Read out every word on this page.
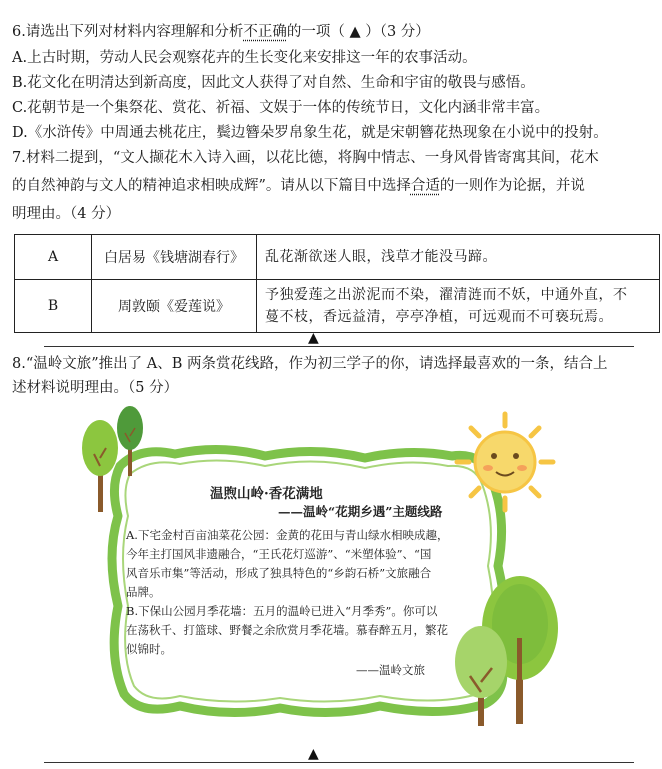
6.请选出下列对材料内容理解和分析不正确的一项（ ▲ ）（3 分）
A.上古时期，劳动人民会观察花卉的生长变化来安排这一年的农事活动。
B.花文化在明清达到新高度，因此文人获得了对自然、生命和宇宙的敬畏与感悟。
C.花朝节是一个集祭花、赏花、祈福、文娱于一体的传统节日，文化内涵非常丰富。
D.《水浒传》中周通去桃花庄，鬓边簪朵罗帛象生花，就是宋朝簪花热现象在小说中的投射。
7.材料二提到，“文人撷花木入诗入画，以花比德，将胸中情志、一身风骨皆寄寓其间，花木
的自然神韵与文人的精神追求相映成辉”。请从以下篇目中选择合适的一则作为论据，并说
明理由。（4 分）
A	白居易《钱塘湖春行》	乱花渐欲迷人眼，浅草才能没马蹄。
B	周敦颐《爱莲说》	予独爱莲之出淤泥而不染，濯清涟而不妖，中通外直，不
蔓不枝，香远益清，亭亭净植，可远观而不可亵玩焉。
▲
8.“温岭文旅”推出了 A、B 两条赏花线路，作为初三学子的你，请选择最喜欢的一条，结合上
述材料说明理由。（5 分）
温煦山岭·香花满地
——温岭“花期乡遇”主题线路
A.下宅金村百亩油菜花公园：金黄的花田与青山绿水相映成趣，
今年主打国风非遗融合，“王氏花灯巡游”、“米塑体验”、“国
风音乐市集”等活动，形成了独具特色的“乡韵石桥”文旅融合
品牌。
B.下保山公园月季花墙：五月的温岭已进入“月季秀”。你可以
在荡秋千、打篮球、野餐之余欣赏月季花墙。慕春醉五月，繁花
似锦时。
——温岭文旅
▲
